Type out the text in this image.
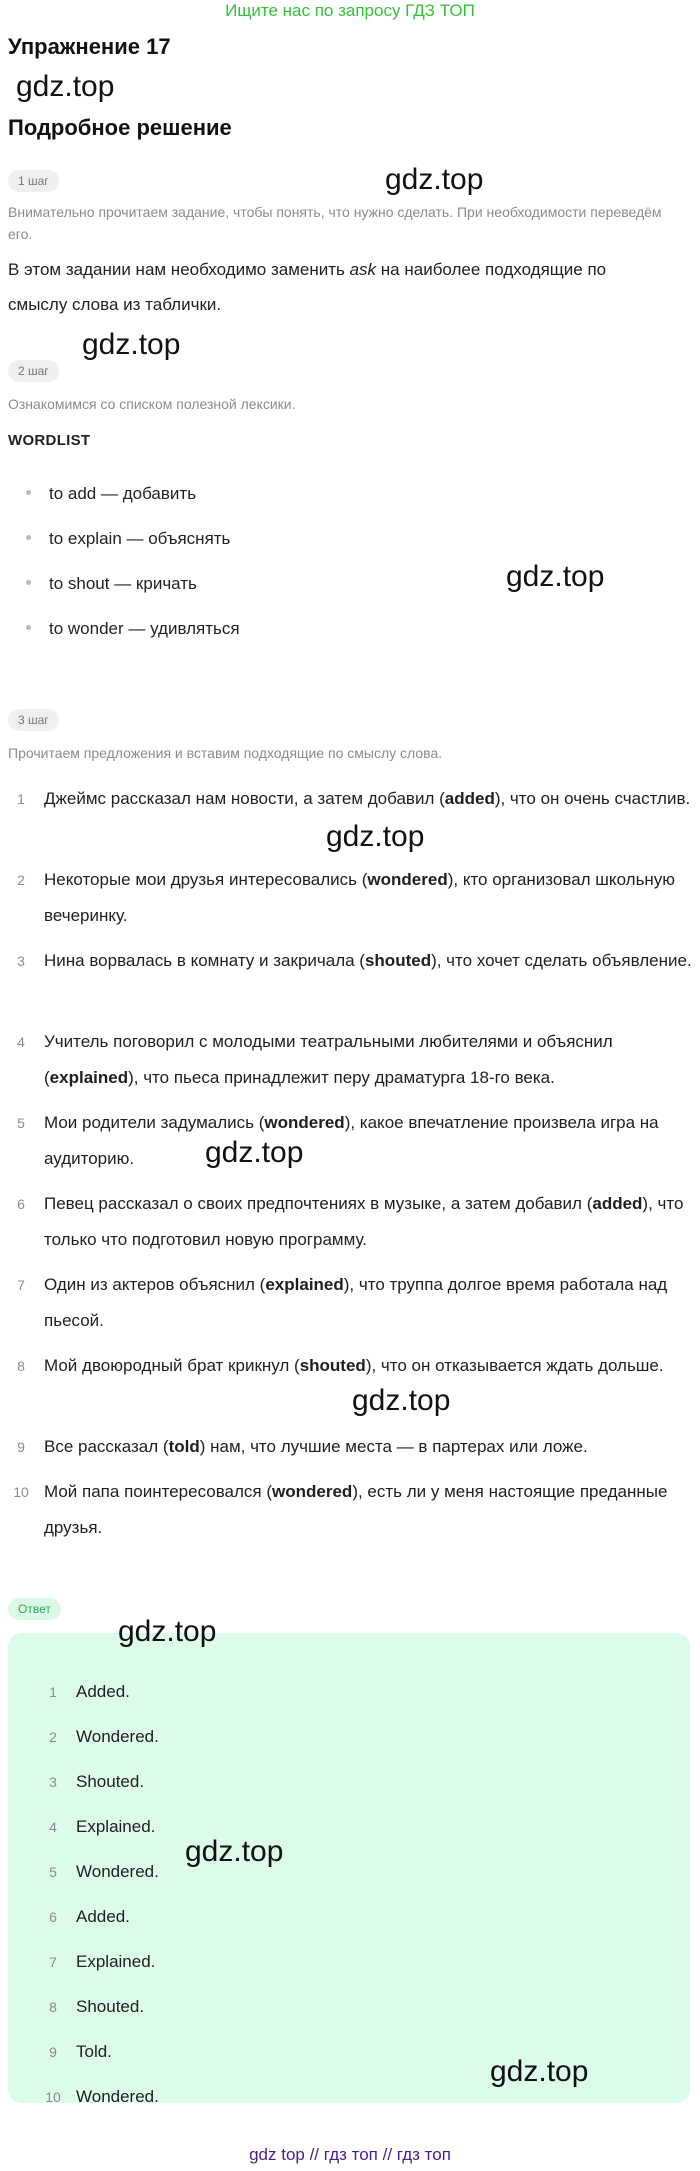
Ищите нас по запросу ГДЗ ТОП
Упражнение 17
gdz.top
Подробное решение
1 шаг	gdz.top
Внимательно прочитаем задание, чтобы понять, что нужно сделать. При необходимости переведём его.
В этом задании нам необходимо заменить ask на наиболее подходящие по смыслу слова из таблички.
gdz.top
2 шаг
Ознакомимся со списком полезной лексики.
WORDLIST
to add — добавить
to explain — объяснять
to shout — кричать
to wonder — удивляться
gdz.top
3 шаг
Прочитаем предложения и вставим подходящие по смыслу слова.
1	Джеймс рассказал нам новости, а затем добавил (added), что он очень счастлив.
gdz.top
2	Некоторые мои друзья интересовались (wondered), кто организовал школьную вечеринку.
3	Нина ворвалась в комнату и закричала (shouted), что хочет сделать объявление.
4	Учитель поговорил с молодыми театральными любителями и объяснил (explained), что пьеса принадлежит перу драматурга 18-го века.
5	Мои родители задумались (wondered), какое впечатление произвела игра на аудиторию.	gdz.top
6	Певец рассказал о своих предпочтениях в музыке, а затем добавил (added), что только что подготовил новую программу.
7	Один из актеров объяснил (explained), что труппа долгое время работала над пьесой.
8	Мой двоюродный брат крикнул (shouted), что он отказывается ждать дольше.
gdz.top
9	Все рассказал (told) нам, что лучшие места — в партерах или ложе.
10 Мой папа поинтересовался (wondered), есть ли у меня настоящие преданные друзья.
Ответ
gdz.top
1 Added.
2 Wondered.
3 Shouted.
4 Explained.
gdz.top
5 Wondered.
6 Added.
7 Explained.
8 Shouted.
9 Told.
gdz.top
10 Wondered.
gdz top // гдз топ // гдз топ
